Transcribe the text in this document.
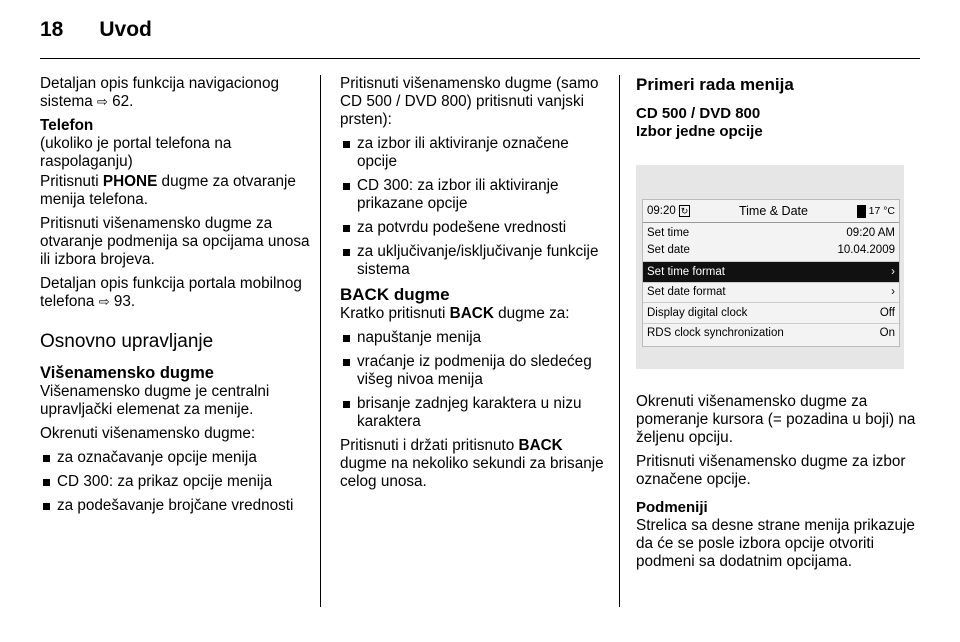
18 Uvod

Detaljan opis funkcija navigacionog sistema ⇨ 62.

Telefon
(ukoliko je portal telefona na raspolaganju)

Pritisnuti PHONE dugme za otvaranje menija telefona.

Pritisnuti višenamensko dugme za otvaranje podmenija sa opcijama unosa ili izbora brojeva.

Detaljan opis funkcija portala mobilnog telefona ⇨ 93.

Osnovno upravljanje
Višenamensko dugme

Višenamensko dugme je centralni upravljački elemenat za menije.

Okrenuti višenamensko dugme:

za označavanje opcije menija
CD 300: za prikaz opcije menija
za podešavanje brojčane vrednosti

Pritisnuti višenamensko dugme (samo CD 500 / DVD 800) pritisnuti vanjski prsten):

za izbor ili aktiviranje označene opcije
CD 300: za izbor ili aktiviranje prikazane opcije
za potvrdu podešene vrednosti
za uključivanje/isključivanje funkcije sistema
BACK dugme

Kratko pritisnuti BACK dugme za:

napuštanje menija
vraćanje iz podmenija do sledećeg višeg nivoa menija
brisanje zadnjeg karaktera u nizu karaktera

Pritisnuti i držati pritisnuto BACK dugme na nekoliko sekundi za brisanje celog unosa.

Primeri rada menija
CD 500 / DVD 800
Izbor jedne opcije
09:20 ↻	Time & Date	17 °C
Set time	09:20 AM
Set date	10.04.2009
Set time format	›
Set date format	›
Display digital clock	Off
RDS clock synchronization	On

Okrenuti višenamensko dugme za pomeranje kursora (= pozadina u boji) na željenu opciju.

Pritisnuti višenamensko dugme za izbor označene opcije.

Podmeniji

Strelica sa desne strane menija prikazuje da će se posle izbora opcije otvoriti podmeni sa dodatnim opcijama.
